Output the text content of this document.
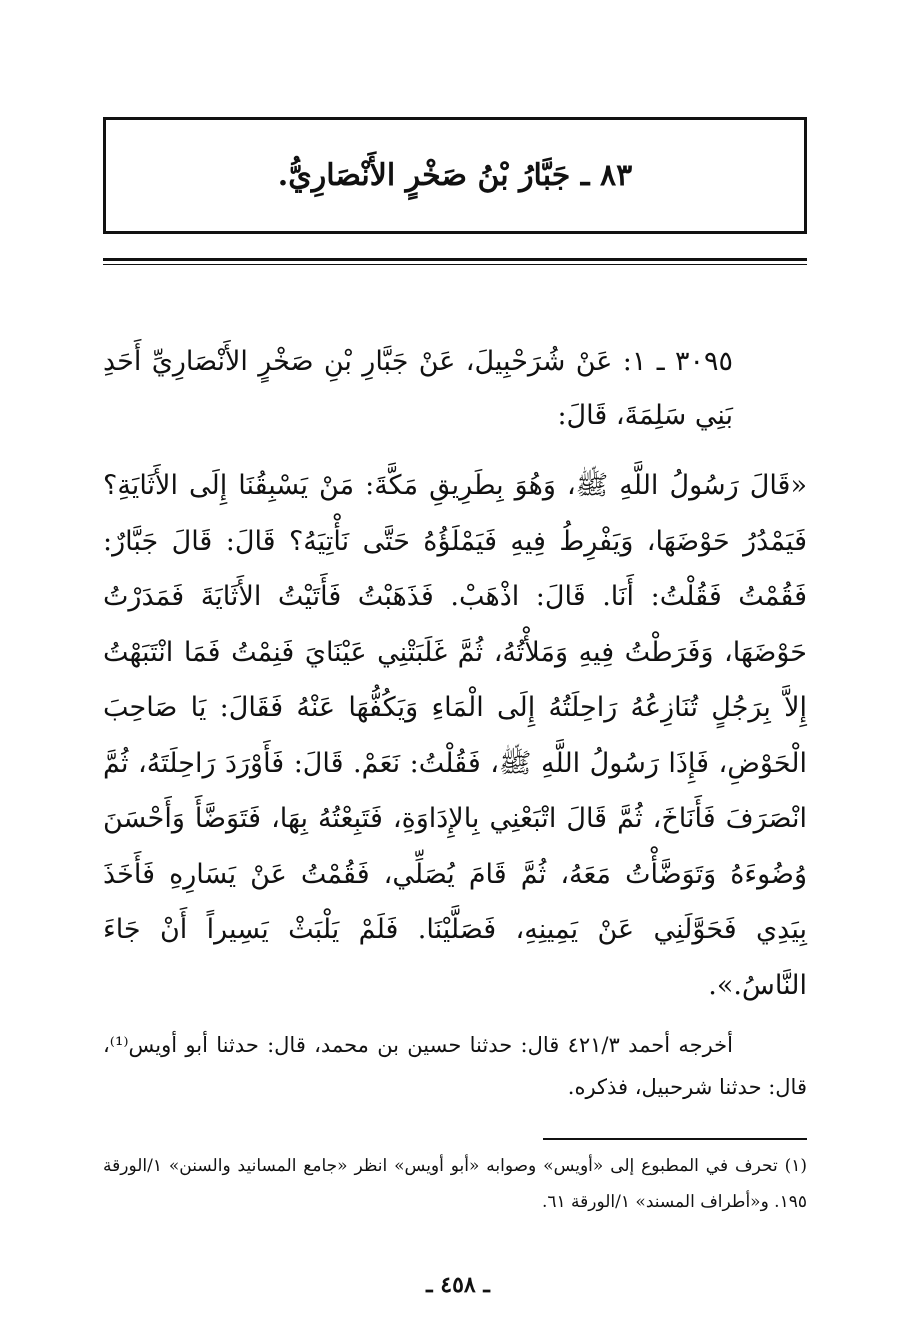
٨٣ ـ جَبَّارُ بْنُ صَخْرٍ الأَنْصَارِيُّ.
٣٠٩٥ ـ ١: عَنْ شُرَحْبِيلَ، عَنْ جَبَّارِ بْنِ صَخْرٍ الأَنْصَارِيِّ أَحَدِ بَنِي سَلِمَةَ، قَالَ:
«قَالَ رَسُولُ اللَّهِ ﷺ، وَهُوَ بِطَرِيقِ مَكَّةَ: مَنْ يَسْبِقُنَا إِلَى الأَثَايَةِ؟ فَيَمْدُرُ حَوْضَهَا، وَيَفْرِطُ فِيهِ فَيَمْلَؤُهُ حَتَّى نَأْتِيَهُ؟ قَالَ: قَالَ جَبَّارٌ: فَقُمْتُ فَقُلْتُ: أَنَا. قَالَ: اذْهَبْ. فَذَهَبْتُ فَأَتَيْتُ الأَثَايَةَ فَمَدَرْتُ حَوْضَهَا، وَفَرَطْتُ فِيهِ وَمَلأْتُهُ، ثُمَّ غَلَبَتْنِي عَيْنَايَ فَنِمْتُ فَمَا انْتَبَهْتُ إِلاَّ بِرَجُلٍ تُنَازِعُهُ رَاحِلَتُهُ إِلَى الْمَاءِ وَيَكُفُّهَا عَنْهُ فَقَالَ: يَا صَاحِبَ الْحَوْضِ، فَإِذَا رَسُولُ اللَّهِ ﷺ، فَقُلْتُ: نَعَمْ. قَالَ: فَأَوْرَدَ رَاحِلَتَهُ، ثُمَّ انْصَرَفَ فَأَنَاخَ، ثُمَّ قَالَ اتْبَعْنِي بِالإِدَاوَةِ، فَتَبِعْتُهُ بِهَا، فَتَوَضَّأَ وَأَحْسَنَ وُضُوءَهُ وَتَوَضَّأْتُ مَعَهُ، ثُمَّ قَامَ يُصَلِّي، فَقُمْتُ عَنْ يَسَارِهِ فَأَخَذَ بِيَدِي فَحَوَّلَنِي عَنْ يَمِينِهِ، فَصَلَّيْنَا. فَلَمْ يَلْبَثْ يَسِيراً أَنْ جَاءَ النَّاسُ.».
أخرجه أحمد ٤٢١/٣ قال: حدثنا حسين بن محمد، قال: حدثنا أبو أويس⁽¹⁾، قال: حدثنا شرحبيل، فذكره.
(١) تحرف في المطبوع إلى «أويس» وصوابه «أبو أويس» انظر «جامع المسانيد والسنن» ١/الورقة ١٩٥. و«أطراف المسند» ١/الورقة ٦١.
ـ ٤٥٨ ـ
